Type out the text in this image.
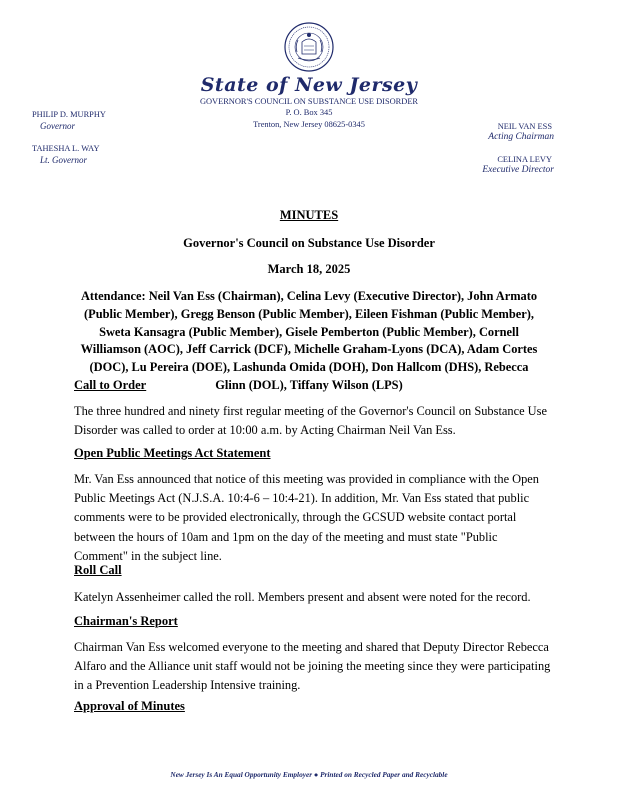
State of New Jersey
GOVERNOR'S COUNCIL ON SUBSTANCE USE DISORDER
P. O. Box 345
Trenton, New Jersey 08625-0345
PHILIP D. MURPHY
Governor
TAHESHA L. WAY
Lt. Governor
NEIL VAN ESS
Acting Chairman
CELINA LEVY
Executive Director
MINUTES
Governor's Council on Substance Use Disorder
March 18, 2025
Attendance: Neil Van Ess (Chairman), Celina Levy (Executive Director), John Armato (Public Member), Gregg Benson (Public Member), Eileen Fishman (Public Member), Sweta Kansagra (Public Member), Gisele Pemberton (Public Member), Cornell Williamson (AOC), Jeff Carrick (DCF), Michelle Graham-Lyons (DCA), Adam Cortes (DOC), Lu Pereira (DOE), Lashunda Omida (DOH), Don Hallcom (DHS), Rebecca Glinn (DOL), Tiffany Wilson (LPS)
Call to Order
The three hundred and ninety first regular meeting of the Governor's Council on Substance Use Disorder was called to order at 10:00 a.m. by Acting Chairman Neil Van Ess.
Open Public Meetings Act Statement
Mr. Van Ess announced that notice of this meeting was provided in compliance with the Open Public Meetings Act (N.J.S.A. 10:4-6 – 10:4-21). In addition, Mr. Van Ess stated that public comments were to be provided electronically, through the GCSUD website contact portal between the hours of 10am and 1pm on the day of the meeting and must state "Public Comment" in the subject line.
Roll Call
Katelyn Assenheimer called the roll. Members present and absent were noted for the record.
Chairman's Report
Chairman Van Ess welcomed everyone to the meeting and shared that Deputy Director Rebecca Alfaro and the Alliance unit staff would not be joining the meeting since they were participating in a Prevention Leadership Intensive training.
Approval of Minutes
New Jersey Is An Equal Opportunity Employer ● Printed on Recycled Paper and Recyclable
